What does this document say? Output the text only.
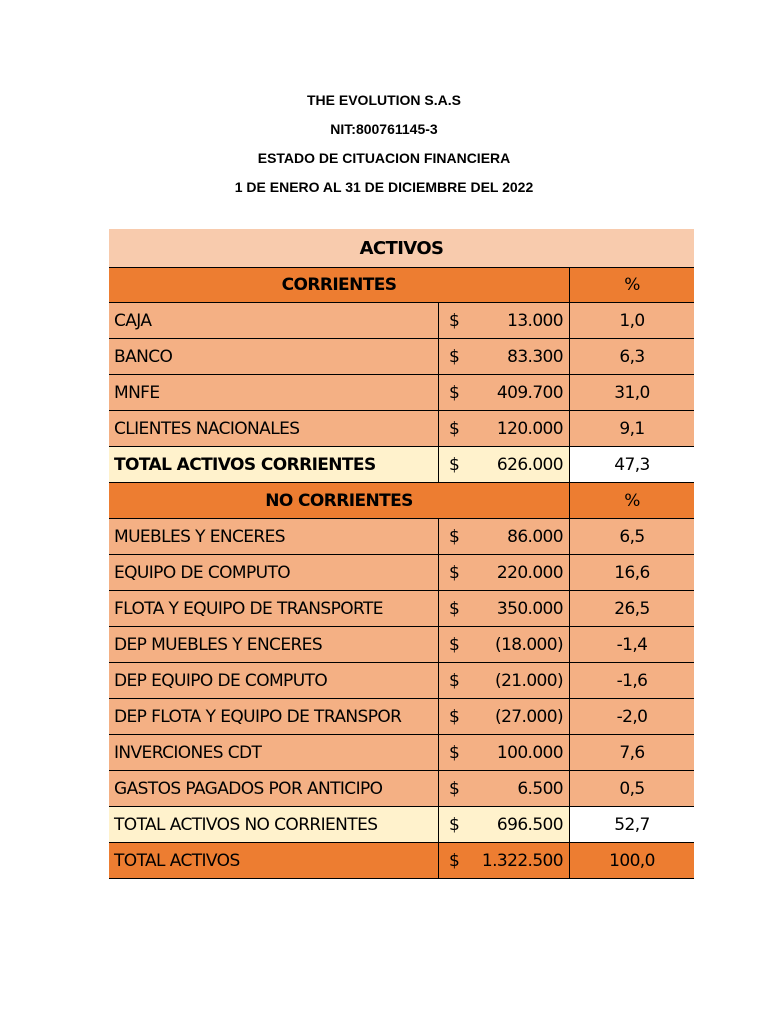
THE EVOLUTION S.A.S
NIT:800761145-3
ESTADO DE CITUACION FINANCIERA
1 DE ENERO AL 31 DE DICIEMBRE DEL 2022
ACTIVOS
CORRIENTES	%
CAJA	$	13.000	1,0
BANCO	$	83.300	6,3
MNFE	$ 409.700	31,0
CLIENTES NACIONALES	$ 120.000	9,1
TOTAL ACTIVOS CORRIENTES	$ 626.000	47,3
NO CORRIENTES	%
MUEBLES Y ENCERES	$	86.000	6,5
EQUIPO DE COMPUTO	$ 220.000	16,6
FLOTA Y EQUIPO DE TRANSPORTE	$ 350.000	26,5
DEP MUEBLES Y ENCERES	$ (18.000)	-1,4
DEP EQUIPO DE COMPUTO	$ (21.000)	-1,6
DEP FLOTA Y EQUIPO DE TRANSPOR	$ (27.000)	-2,0
INVERCIONES CDT	$ 100.000	7,6
GASTOS PAGADOS POR ANTICIPO	$	6.500	0,5
TOTAL ACTIVOS NO CORRIENTES	$ 696.500	52,7
TOTAL ACTIVOS	$ 1.322.500	100,0
